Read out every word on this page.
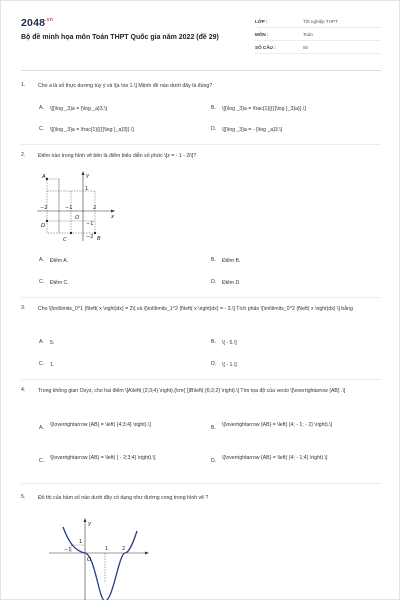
$2048^{.vn}$
Bộ đề minh họa môn Toán THPT Quốc gia năm 2022 (đề 29)
LỚP :	Tốt nghiệp THPT
MÔN :	Toán
SỐ CÂU :	50
1. Cho a là số thực dương tùy ý và \[a \ne 1.\] Mệnh đề nào dưới đây là đúng?
A. \[{\log _3}a = {\log _a}3.\]	B. \[{\log _3}a = \frac{1}{{{{\log }_3}a}}.\]
C. \[{\log _3}a = \frac{1}{{{{\log }_a}3}}.\]	D. \[{\log _3}a = - {\log _a}3.\]
2. Điểm nào trong hình vẽ bên là điểm biểu diễn số phức \[z = - 1 - 2i\]?
A
B
C
D
O	x
y
1
−1
−2
−1
−2
2
A. Điểm A.	B. Điểm B.
C. Điểm C.	D. Điểm D.
3. Cho \[\int\limits_0^1 {f\left( x \right)dx} = 2\] và \[\int\limits_1^2 {f\left( x \right)dx} = - 3.\] Tích phân \[\int\limits_0^2 {f\left( x \right)dx} \] bằng
A. 5.	B. \[ - 5.\]
C. 1.	D. \[ - 1.\]
4. Trong không gian Oxyz, cho hai điểm \[A\left( {2;3;4} \right),{\rm{ }}B\left( {6;2;2} \right).\] Tìm tọa độ của vecto \[\overrightarrow {AB} .\]
A. \[\overrightarrow {AB} = \left( {4;3;4} \right).\]	B. \[\overrightarrow {AB} = \left( {4; - 1; - 2} \right).\]
C. \[\overrightarrow {AB} = \left( { - 2;3;4} \right).\]	D. \[\overrightarrow {AB} = \left( {4; - 1;4} \right).\]
5. Đồ thị của hàm số nào dưới đây có dạng như đường cong trong hình vẽ ?
y
O
1
−1	1	2
